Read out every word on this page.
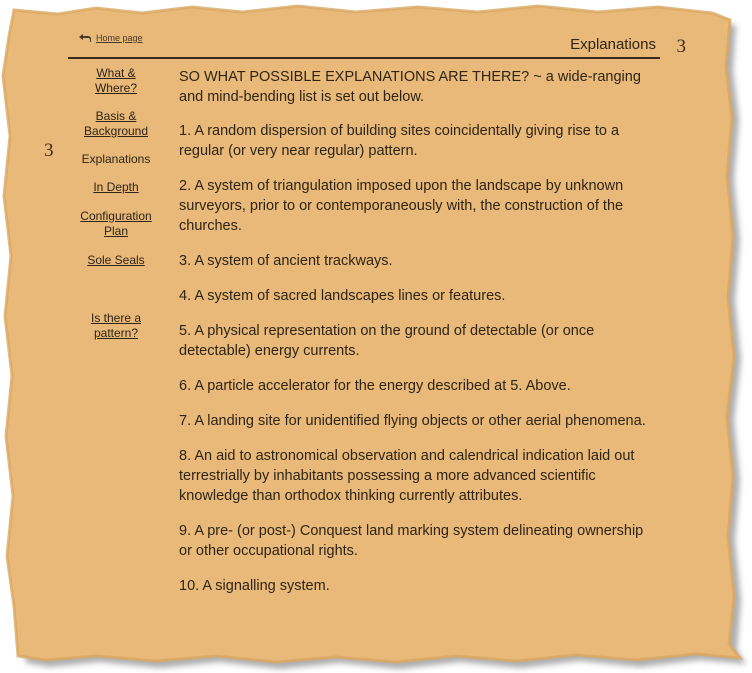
Home page	Explanations 3
3
What &
Where?
Basis &
Background
Explanations
In Depth
Configuration
Plan
Sole Seals
Is there a
pattern?

SO WHAT POSSIBLE EXPLANATIONS ARE THERE? ~ a wide-ranging and mind-bending list is set out below.

1. A random dispersion of building sites coincidentally giving rise to a regular (or very near regular) pattern.

2. A system of triangulation imposed upon the landscape by unknown surveyors, prior to or contemporaneously with, the construction of the churches.

3. A system of ancient trackways.

4. A system of sacred landscapes lines or features.

5. A physical representation on the ground of detectable (or once detectable) energy currents.

6. A particle accelerator for the energy described at 5. Above.

7. A landing site for unidentified flying objects or other aerial phenomena.

8. An aid to astronomical observation and calendrical indication laid out terrestrially by inhabitants possessing a more advanced scientific knowledge than orthodox thinking currently attributes.

9. A pre- (or post-) Conquest land marking system delineating ownership or other occupational rights.

10. A signalling system.
